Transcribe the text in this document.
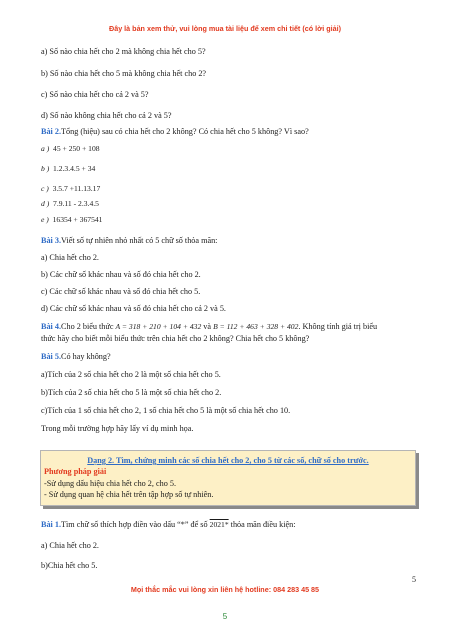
Đây là bản xem thử, vui lòng mua tài liệu để xem chi tiết (có lời giải)
a) Số nào chia hết cho 2 mà không chia hết cho 5?
b) Số nào chia hết cho 5 mà không chia hết cho 2?
c) Số nào chia hết cho cả 2 và 5?
d) Số nào không chia hết cho cả 2 và 5?
Bài 2.Tổng (hiệu) sau có chia hết cho 2 không? Có chia hết cho 5 không? Vì sao?
a ) 45 + 250 + 108
b ) 1.2.3.4.5 + 34
c ) 3.5.7 +11.13.17
d ) 7.9.11 - 2.3.4.5
e ) 16354 + 367541
Bài 3.Viết số tự nhiên nhỏ nhất có 5 chữ số thỏa mãn:
a) Chia hết cho 2.
b) Các chữ số khác nhau và số đó chia hết cho 2.
c) Các chữ số khác nhau và số đó chia hết cho 5.
d) Các chữ số khác nhau và số đó chia hết cho cả 2 và 5.
Bài 4.Cho 2 biểu thức A = 318 + 210 + 104 + 432 và B = 112 + 463 + 328 + 402. Không tính giá trị biểu
thức hãy cho biết mỗi biểu thức trên chia hết cho 2 không? Chia hết cho 5 không?
Bài 5.Có hay không?
a)Tích của 2 số chia hết cho 2 là một số chia hết cho 5.
b)Tích của 2 số chia hết cho 5 là một số chia hết cho 2.
c)Tích của 1 số chia hết cho 2, 1 số chia hết cho 5 là một số chia hết cho 10.
Trong mỗi trường hợp hãy lấy ví dụ minh họa.
Dạng 2. Tìm, chứng minh các số chia hết cho 2, cho 5 từ các số, chữ số cho trước.
Phương pháp giải
-Sử dụng dấu hiệu chia hết cho 2, cho 5.
- Sử dụng quan hệ chia hết trên tập hợp số tự nhiên.
Bài 1.Tìm chữ số thích hợp điền vào dấu “*” để số 2021* thỏa mãn điều kiện:
a) Chia hết cho 2.
b)Chia hết cho 5.
5
Mọi thắc mắc vui lòng xin liên hệ hotline: 084 283 45 85
5
